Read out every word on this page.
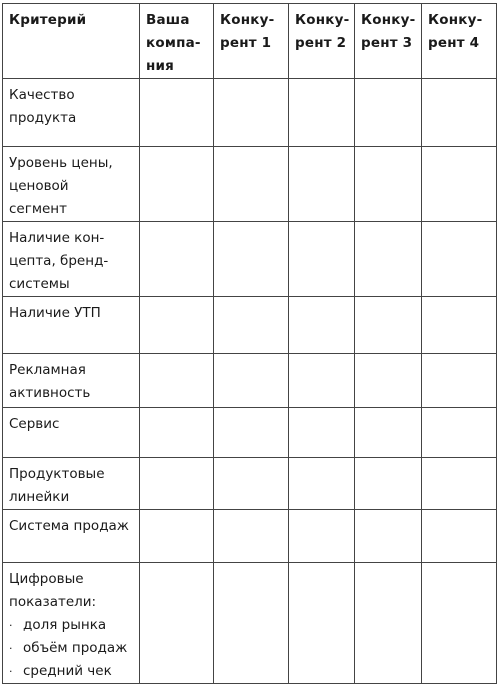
Критерий	Ваша
компа-
ния	Конку-
рент 1	Конку-
рент 2	Конку-
рент 3	Конку-
рент 4

Качество
продукта					

Уровень цены,
ценовой
сегмент					

Наличие кон-
цепта, бренд-
системы					

Наличие УТП					

Рекламная
активность					

Сервис					

Продуктовые
линейки					

Система продаж					

Цифровые
показатели:
· доля рынка
· объём продаж
· средний чек					
